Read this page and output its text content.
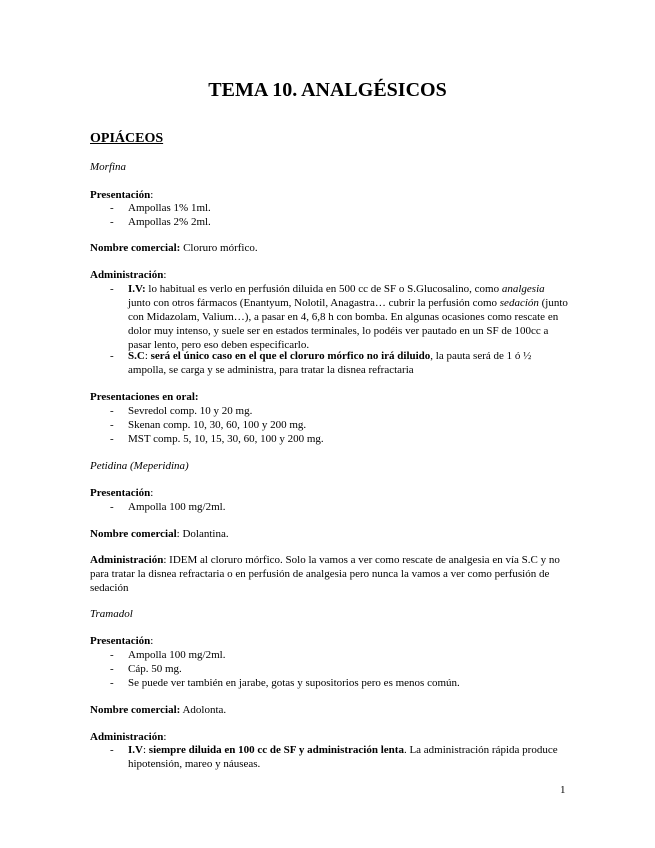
TEMA 10. ANALGÉSICOS
OPIÁCEOS
Morfina
Presentación:
-	Ampollas 1% 1ml.
-	Ampollas 2% 2ml.
Nombre comercial: Cloruro mórfico.
Administración:
-	I.V: lo habitual es verlo en perfusión diluida en 500 cc de SF o S.Glucosalino, como analgesia junto con otros fármacos (Enantyum, Nolotil, Anagastra… cubrir la perfusión como sedación (junto con Midazolam, Valium…), a pasar en 4, 6,8 h con bomba. En algunas ocasiones como rescate en dolor muy intenso, y suele ser en estados terminales, lo podéis ver pautado en un SF de 100cc a pasar lento, pero eso deben especificarlo.
-	S.C: será el único caso en el que el cloruro mórfico no irá diluido, la pauta será de 1 ó ½ ampolla, se carga y se administra, para tratar la disnea refractaria
Presentaciones en oral:
-	Sevredol comp. 10 y 20 mg.
-	Skenan comp. 10, 30, 60, 100 y 200 mg.
-	MST comp. 5, 10, 15, 30, 60, 100 y 200 mg.
Petidina (Meperidina)
Presentación:
-	Ampolla 100 mg/2ml.
Nombre comercial: Dolantina.
Administración: IDEM al cloruro mórfico. Solo la vamos a ver como rescate de analgesia en vía S.C y no para tratar la disnea refractaria o en perfusión de analgesia pero nunca la vamos a ver como perfusión de sedación
Tramadol
Presentación:
-	Ampolla 100 mg/2ml.
-	Cáp. 50 mg.
-	Se puede ver también en jarabe, gotas y supositorios pero es menos común.
Nombre comercial: Adolonta.
Administración:
-	I.V: siempre diluida en 100 cc de SF y administración lenta. La administración rápida produce hipotensión, mareo y náuseas.
1
